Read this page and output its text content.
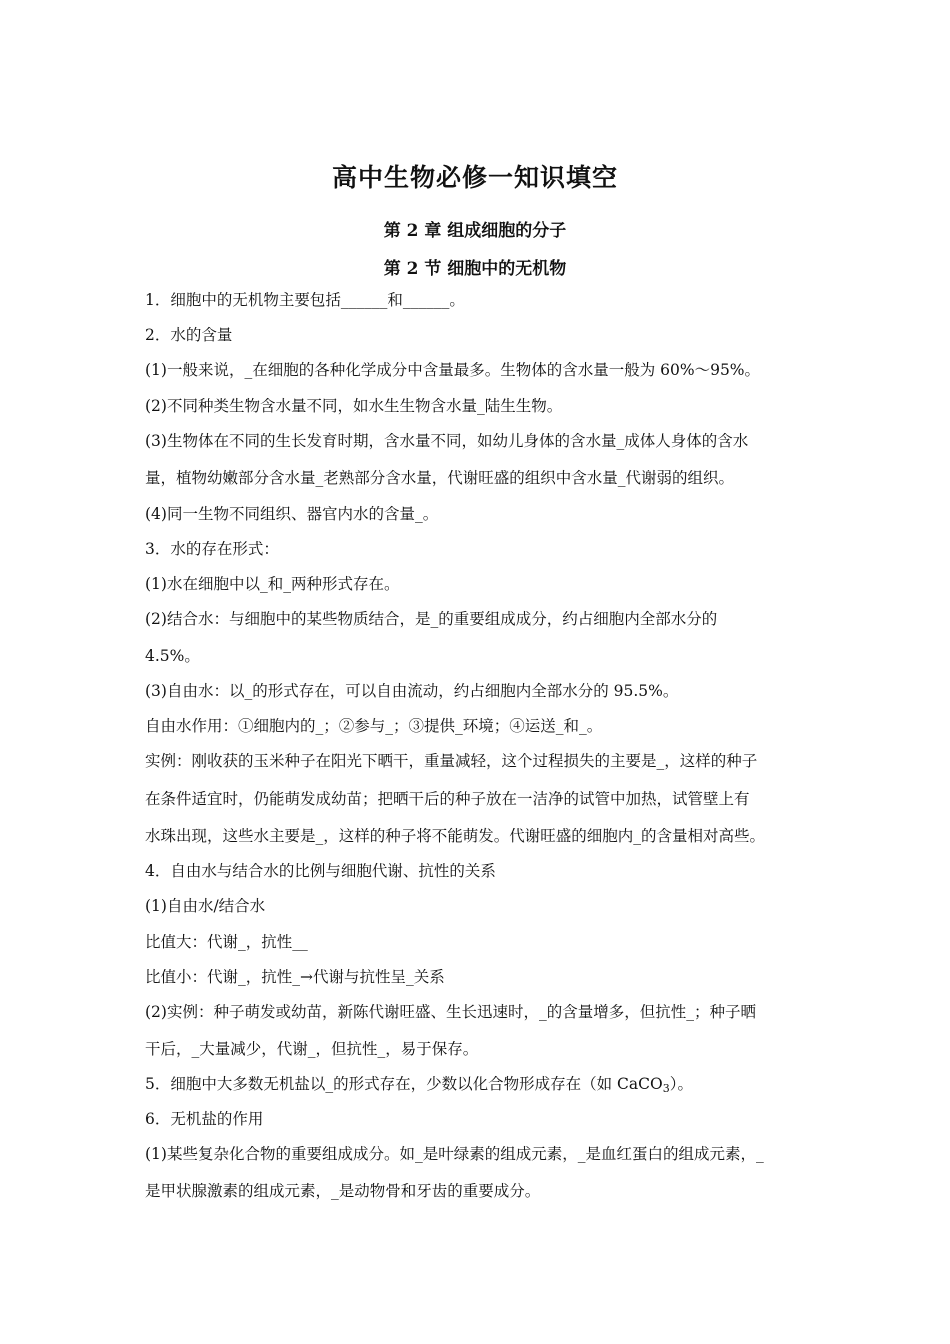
高中生物必修一知识填空
第 2 章 组成细胞的分子
第 2 节 细胞中的无机物
1．细胞中的无机物主要包括______和______。
2．水的含量
(1)一般来说，_在细胞的各种化学成分中含量最多。生物体的含水量一般为 60%～95%。
(2)不同种类生物含水量不同，如水生生物含水量_陆生生物。
(3)生物体在不同的生长发育时期，含水量不同，如幼儿身体的含水量_成体人身体的含水
量，植物幼嫩部分含水量_老熟部分含水量，代谢旺盛的组织中含水量_代谢弱的组织。
(4)同一生物不同组织、器官内水的含量_。
3．水的存在形式：
(1)水在细胞中以_和_两种形式存在。
(2)结合水：与细胞中的某些物质结合，是_的重要组成成分，约占细胞内全部水分的
4.5%。
(3)自由水：以_的形式存在，可以自由流动，约占细胞内全部水分的 95.5%。
自由水作用：①细胞内的_；②参与_；③提供_环境；④运送_和_。
实例：刚收获的玉米种子在阳光下晒干，重量减轻，这个过程损失的主要是_，这样的种子
在条件适宜时，仍能萌发成幼苗；把晒干后的种子放在一洁净的试管中加热，试管壁上有
水珠出现，这些水主要是_，这样的种子将不能萌发。代谢旺盛的细胞内_的含量相对高些。
4．自由水与结合水的比例与细胞代谢、抗性的关系
(1)自由水/结合水
比值大：代谢_，抗性__
比值小：代谢_，抗性_→代谢与抗性呈_关系
(2)实例：种子萌发或幼苗，新陈代谢旺盛、生长迅速时，_的含量增多，但抗性_；种子晒
干后，_大量减少，代谢_，但抗性_，易于保存。
5．细胞中大多数无机盐以_的形式存在，少数以化合物形成存在（如 CaCO$_3$）。
6．无机盐的作用
(1)某些复杂化合物的重要组成成分。如_是叶绿素的组成元素，_是血红蛋白的组成元素，_
是甲状腺激素的组成元素，_是动物骨和牙齿的重要成分。
